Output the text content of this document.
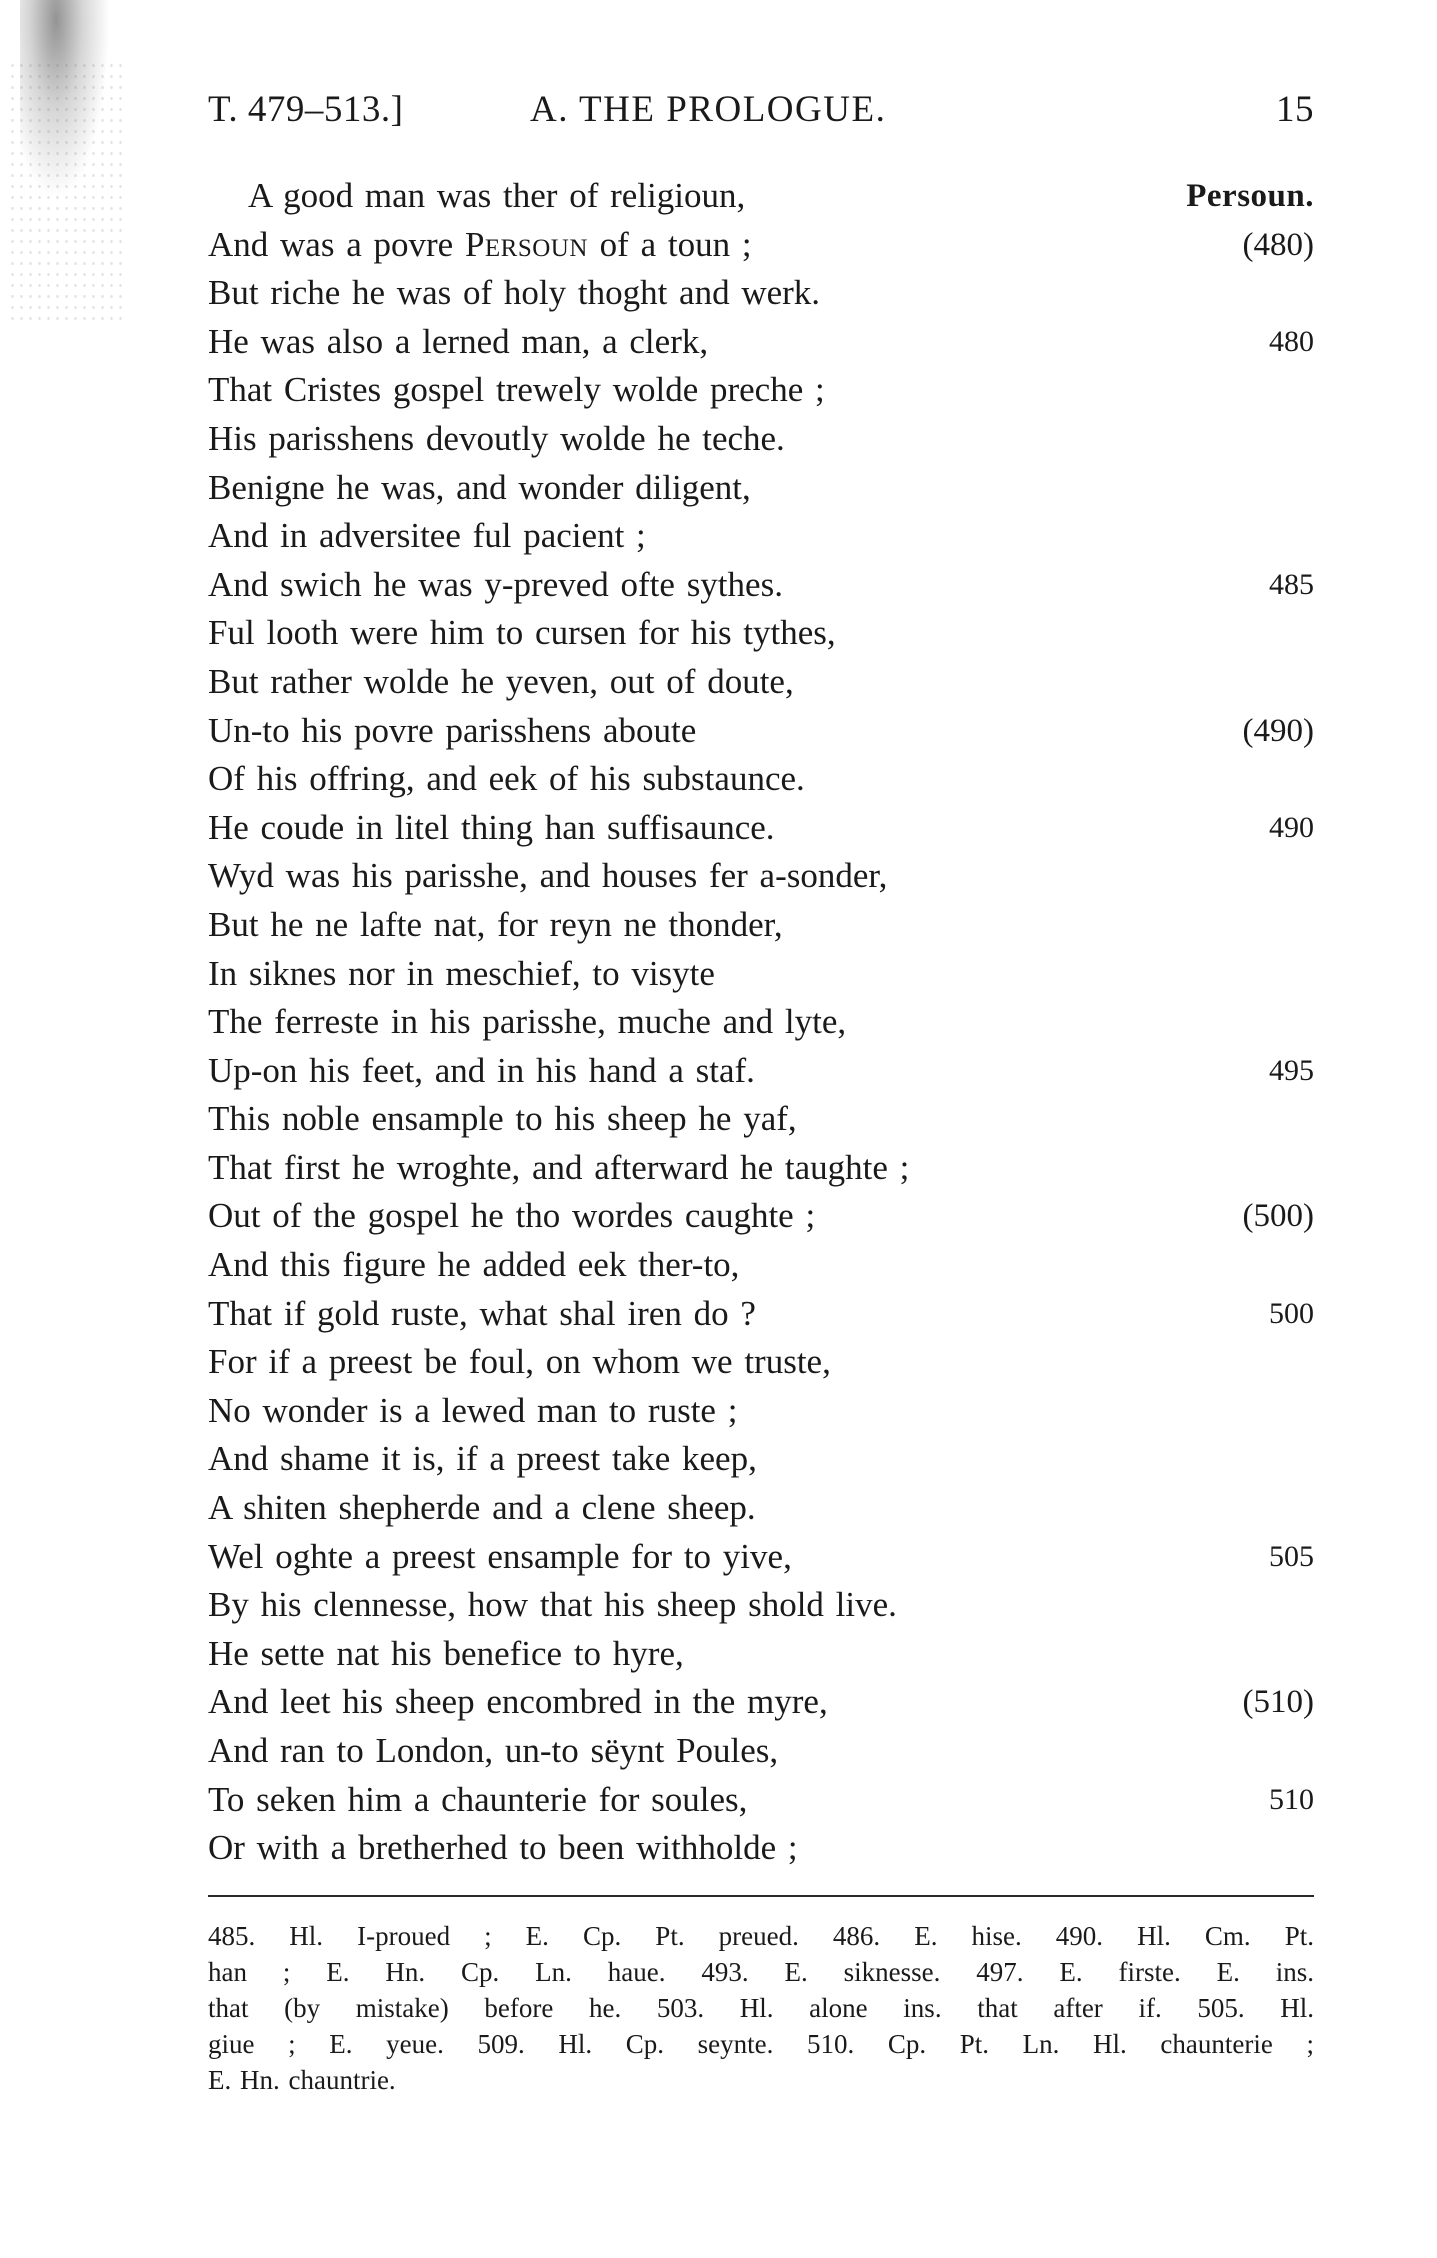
T. 479–513.]	A. THE PROLOGUE.	15
A good man was ther of religioun,	Persoun.
And was a povre Persoun of a toun ;	(480)
But riche he was of holy thoght and werk.
He was also a lerned man, a clerk,	480
That Cristes gospel trewely wolde preche ;
His parisshens devoutly wolde he teche.
Benigne he was, and wonder diligent,
And in adversitee ful pacient ;
And swich he was y-preved ofte sythes.	485
Ful looth were him to cursen for his tythes,
But rather wolde he yeven, out of doute,
Un-to his povre parisshens aboute	(490)
Of his offring, and eek of his substaunce.
He coude in litel thing han suffisaunce.	490
Wyd was his parisshe, and houses fer a-sonder,
But he ne lafte nat, for reyn ne thonder,
In siknes nor in meschief, to visyte
The ferreste in his parisshe, muche and lyte,
Up-on his feet, and in his hand a staf.	495
This noble ensample to his sheep he yaf,
That first he wroghte, and afterward he taughte ;
Out of the gospel he tho wordes caughte ;	(500)
And this figure he added eek ther-to,
That if gold ruste, what shal iren do ?	500
For if a preest be foul, on whom we truste,
No wonder is a lewed man to ruste ;
And shame it is, if a preest take keep,
A shiten shepherde and a clene sheep.
Wel oghte a preest ensample for to yive,	505
By his clennesse, how that his sheep shold live.
He sette nat his benefice to hyre,
And leet his sheep encombred in the myre,	(510)
And ran to London, un-to sëynt Poules,
To seken him a chaunterie for soules,	510
Or with a bretherhed to been withholde ;
485. Hl. I-proued ; E. Cp. Pt. preued. 486. E. hise. 490. Hl. Cm. Pt.
han ; E. Hn. Cp. Ln. haue. 493. E. siknesse. 497. E. firste. E. ins.
that (by mistake) before he. 503. Hl. alone ins. that after if. 505. Hl.
giue ; E. yeue. 509. Hl. Cp. seynte. 510. Cp. Pt. Ln. Hl. chaunterie ;
E. Hn. chauntrie.
